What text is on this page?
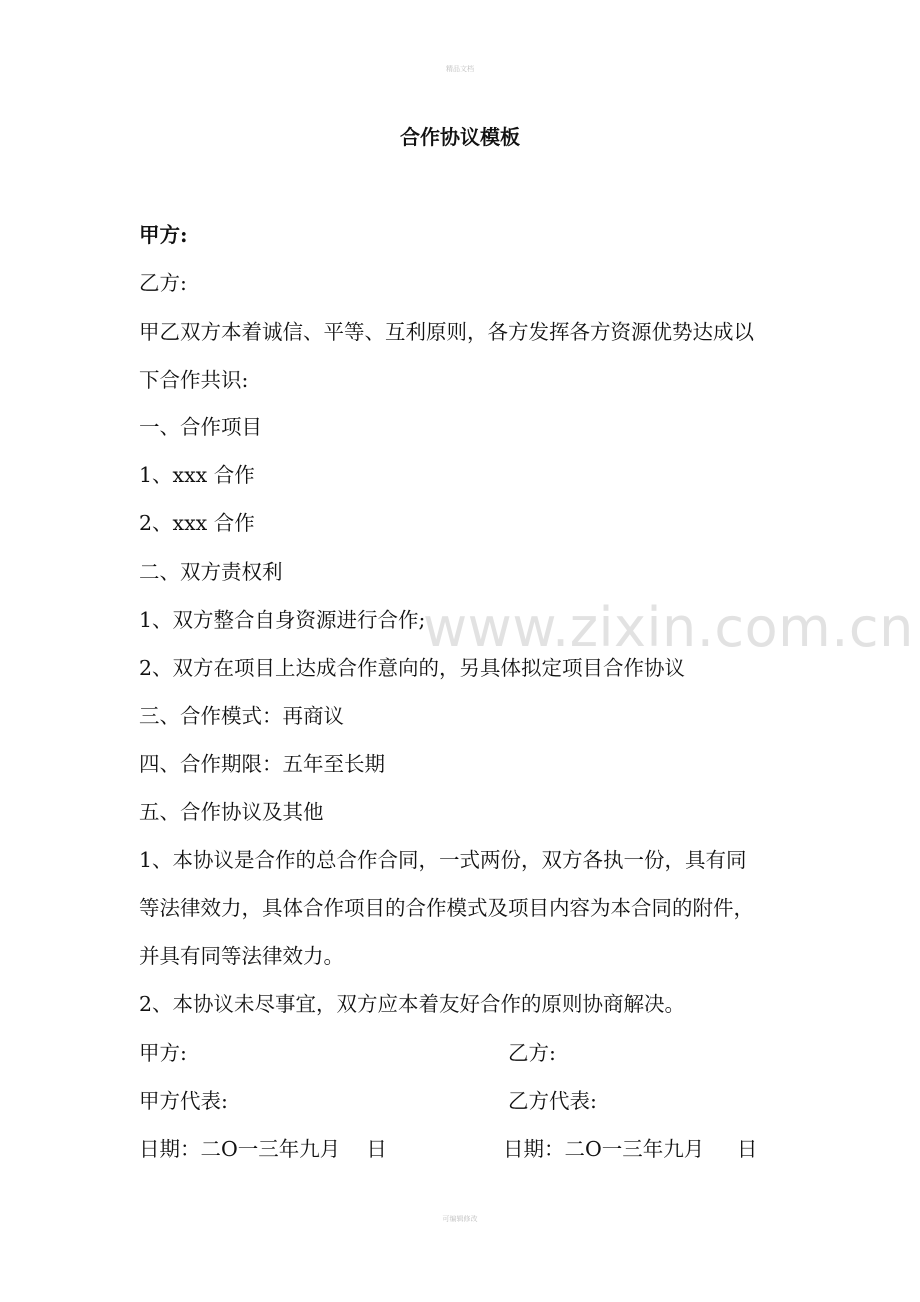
精品文档
www.zixin.com.cn
合作协议模板
甲方:
乙方:
甲乙双方本着诚信、平等、互利原则，各方发挥各方资源优势达成以
下合作共识:
一、合作项目
1、xxx 合作
2、xxx 合作
二、双方责权利
1、双方整合自身资源进行合作;
2、双方在项目上达成合作意向的，另具体拟定项目合作协议
三、合作模式：再商议
四、合作期限：五年至长期
五、合作协议及其他
1、本协议是合作的总合作合同，一式两份，双方各执一份，具有同
等法律效力，具体合作项目的合作模式及项目内容为本合同的附件，
并具有同等法律效力。
2、本协议未尽事宜，双方应本着友好合作的原则协商解决。
甲方:	乙方:
甲方代表:	乙方代表:
日期：二O一三年九月    日	日期：二O一三年九月     日
可编辑修改
